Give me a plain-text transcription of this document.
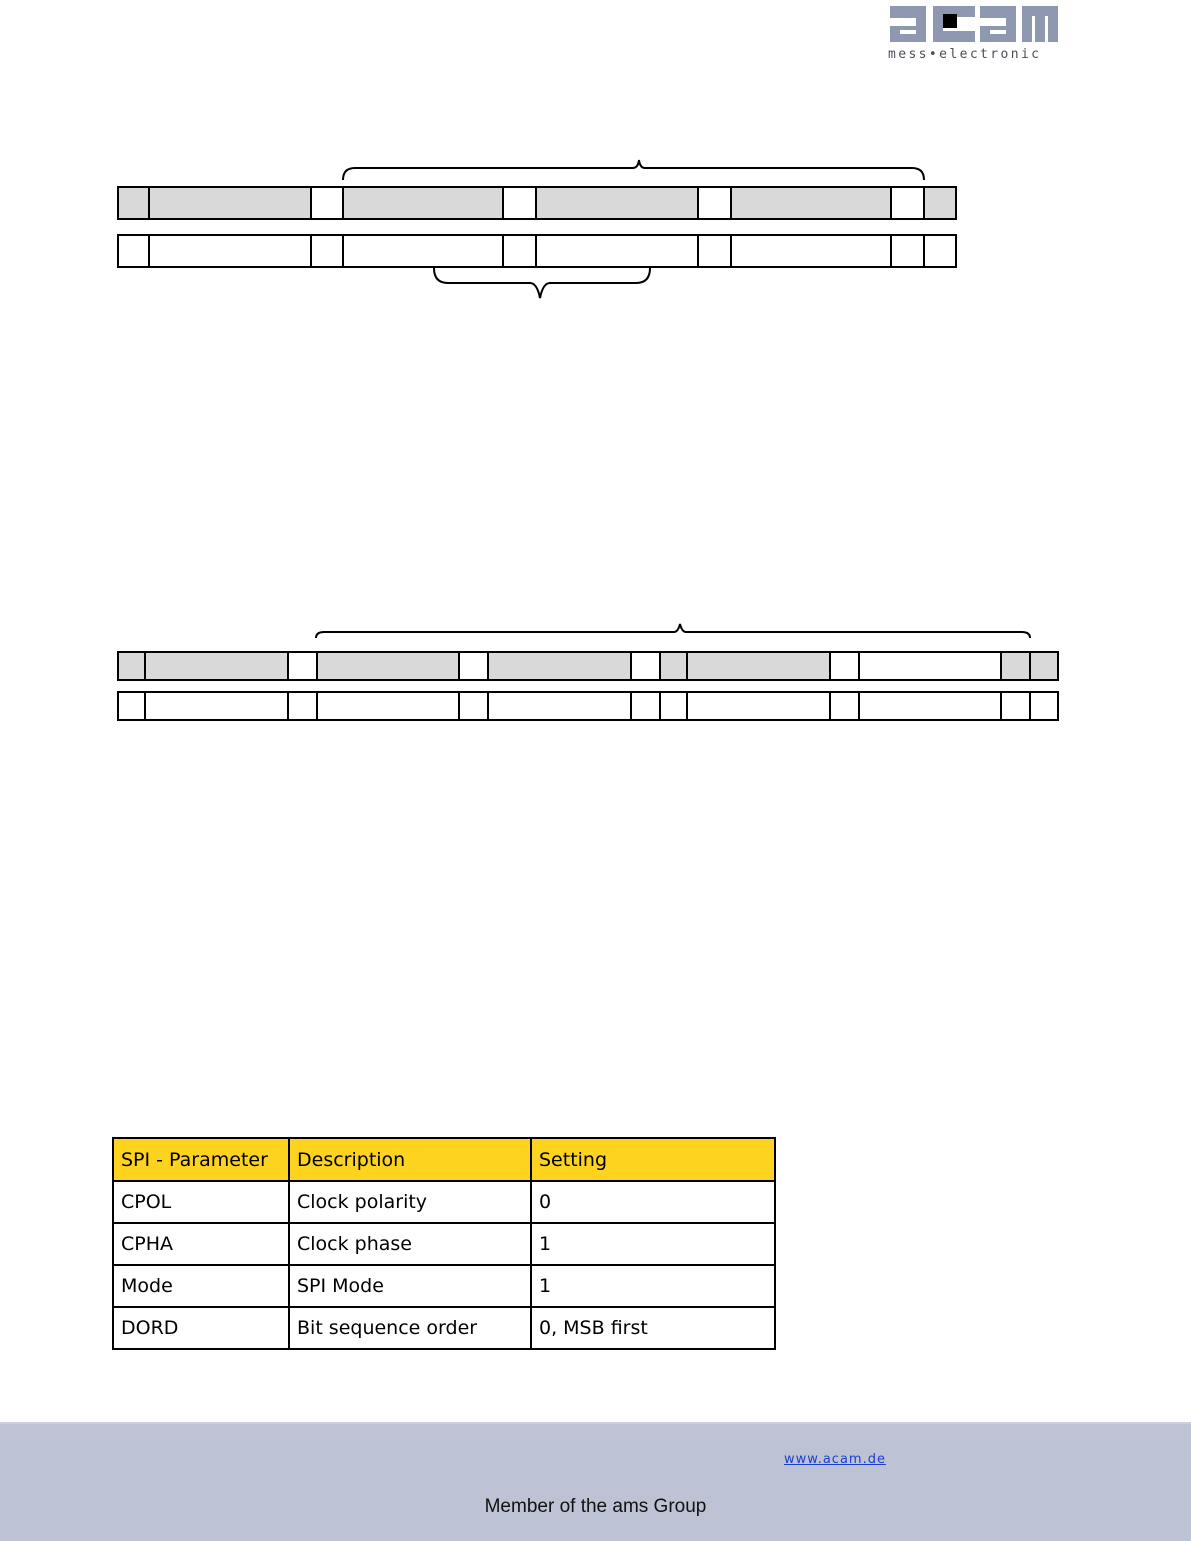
mess•electronic
SPI - Parameter	Description	Setting
CPOL	Clock polarity	0
CPHA	Clock phase	1
Mode	SPI Mode	1
DORD	Bit sequence order	0, MSB first
www.acam.de
Member of the ams Group
